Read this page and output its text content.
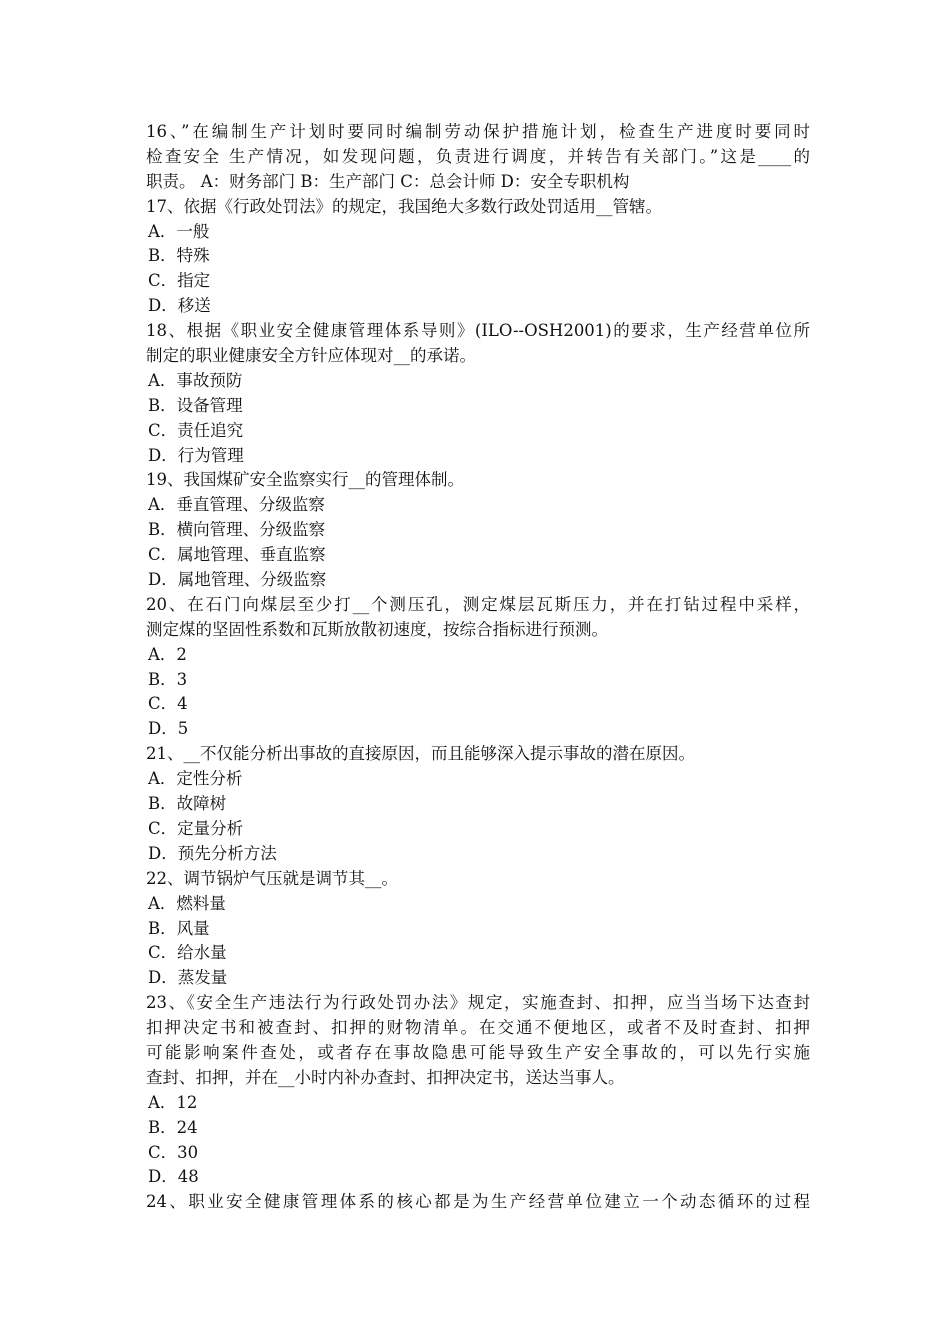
16、”在编制生产计划时要同时编制劳动保护措施计划，检查生产进度时要同时
检查安全 生产情况，如发现问题，负责进行调度，并转告有关部门。”这是____的
职责。 A：财务部门 B：生产部门 C：总会计师 D：安全专职机构
17、依据《行政处罚法》的规定，我国绝大多数行政处罚适用__管辖。
A．一般
B．特殊
C．指定
D．移送
18、根据《职业安全健康管理体系导则》(ILO--OSH2001)的要求，生产经营单位所
制定的职业健康安全方针应体现对__的承诺。
A．事故预防
B．设备管理
C．责任追究
D．行为管理
19、我国煤矿安全监察实行__的管理体制。
A．垂直管理、分级监察
B．横向管理、分级监察
C．属地管理、垂直监察
D．属地管理、分级监察
20、在石门向煤层至少打__个测压孔，测定煤层瓦斯压力，并在打钻过程中采样，
测定煤的坚固性系数和瓦斯放散初速度，按综合指标进行预测。
A．2
B．3
C．4
D．5
21、__不仅能分析出事故的直接原因，而且能够深入提示事故的潜在原因。
A．定性分析
B．故障树
C．定量分析
D．预先分析方法
22、调节锅炉气压就是调节其__。
A．燃料量
B．风量
C．给水量
D．蒸发量
23、《安全生产违法行为行政处罚办法》规定，实施查封、扣押，应当当场下达查封
扣押决定书和被查封、扣押的财物清单。在交通不便地区，或者不及时查封、扣押
可能影响案件查处，或者存在事故隐患可能导致生产安全事故的，可以先行实施
查封、扣押，并在__小时内补办查封、扣押决定书，送达当事人。
A．12
B．24
C．30
D．48
24、职业安全健康管理体系的核心都是为生产经营单位建立一个动态循环的过程
